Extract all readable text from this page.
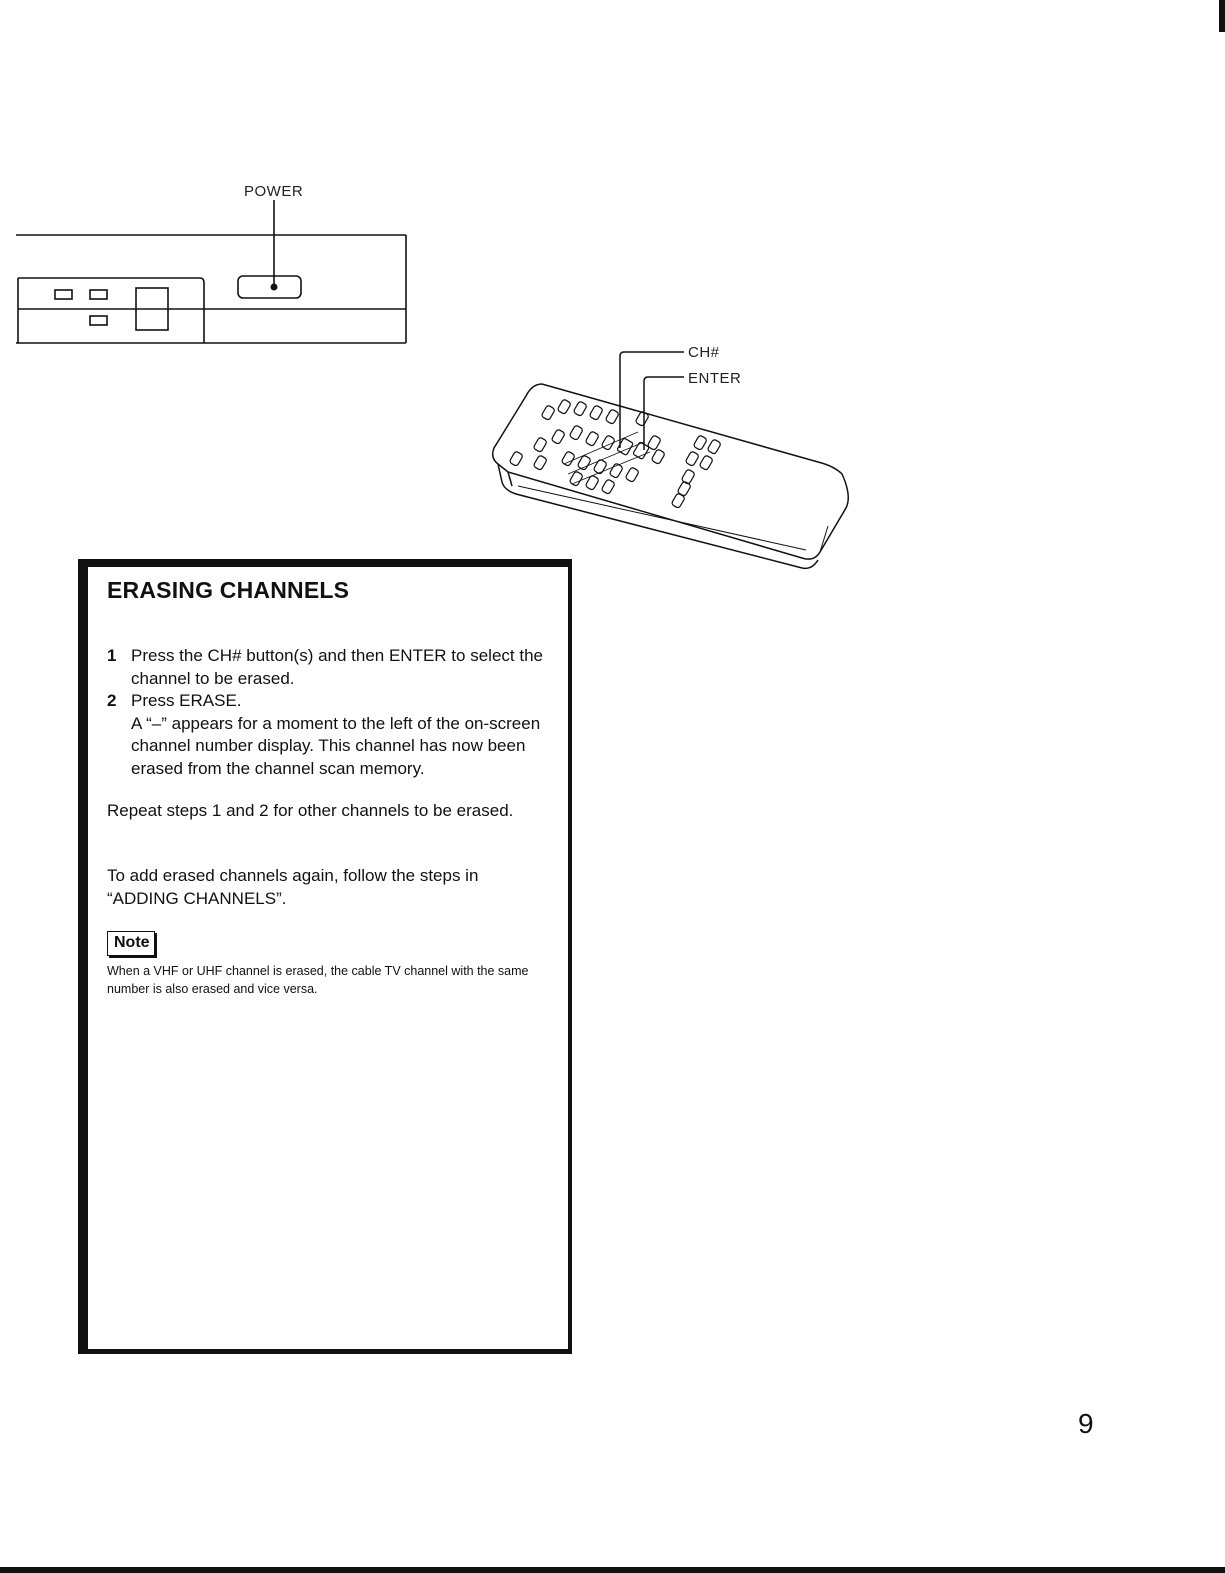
POWER
CH#
ENTER
ERASING CHANNELS
1 Press the CH# button(s) and then ENTER to select the channel to be erased.
2 Press ERASE.
A “–” appears for a moment to the left of the on-screen channel number display. This channel has now been erased from the channel scan memory.

Repeat steps 1 and 2 for other channels to be erased.

To add erased channels again, follow the steps in “ADDING CHANNELS”.

Note

When a VHF or UHF channel is erased, the cable TV channel with the same number is also erased and vice versa.

9
